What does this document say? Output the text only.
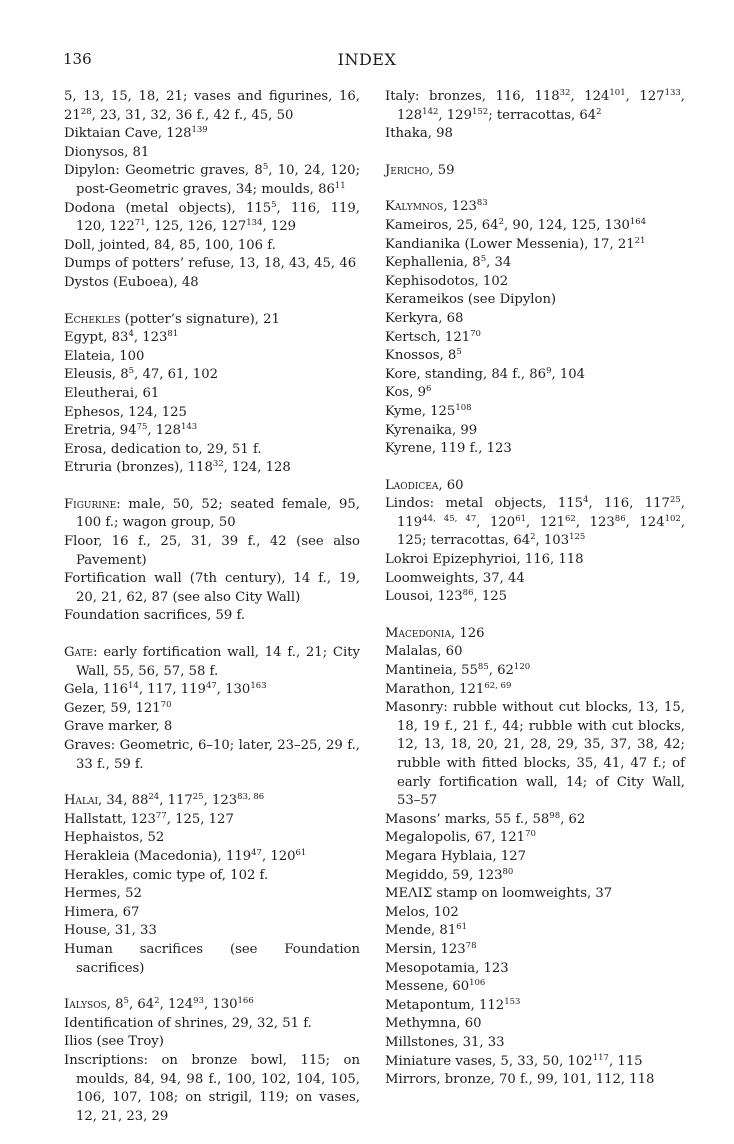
136	INDEX
5, 13, 15, 18, 21; vases and figurines, 16, $21^{28}$, 23, 31, 32, 36 f., 42 f., 45, 50
Diktaian Cave, $128^{139}$
Dionysos, 81
Dipylon: Geometric graves, $8^5$, 10, 24, 120; post-Geometric graves, 34; moulds, $86^{11}$
Dodona (metal objects), $115^5$, 116, 119, 120, $122^{71}$, 125, 126, $127^{134}$, 129
Doll, jointed, 84, 85, 100, 106 f.
Dumps of potters’ refuse, 13, 18, 43, 45, 46
Dystos (Euboea), 48
Echekles (potter’s signature), 21
Egypt, $83^4$, $123^{81}$
Elateia, 100
Eleusis, $8^5$, 47, 61, 102
Eleutherai, 61
Ephesos, 124, 125
Eretria, $94^{75}$, $128^{143}$
Erosa, dedication to, 29, 51 f.
Etruria (bronzes), $118^{32}$, 124, 128
Figurine: male, 50, 52; seated female, 95, 100 f.; wagon group, 50
Floor, 16 f., 25, 31, 39 f., 42 (see also Pavement)
Fortification wall (7th century), 14 f., 19, 20, 21, 62, 87 (see also City Wall)
Foundation sacrifices, 59 f.
Gate: early fortification wall, 14 f., 21; City Wall, 55, 56, 57, 58 f.
Gela, $116^{14}$, 117, $119^{47}$, $130^{163}$
Gezer, 59, $121^{70}$
Grave marker, 8
Graves: Geometric, 6–10; later, 23–25, 29 f., 33 f., 59 f.
Halai, 34, $88^{24}$, $117^{25}$, 123$^{83, 86}$
Hallstatt, $123^{77}$, 125, 127
Hephaistos, 52
Herakleia (Macedonia), $119^{47}$, $120^{61}$
Herakles, comic type of, 102 f.
Hermes, 52
Himera, 67
House, 31, 33
Human sacrifices (see Foundation sacrifices)
Ialysos, $8^5$, $64^2$, $124^{93}$, $130^{166}$
Identification of shrines, 29, 32, 51 f.
Ilios (see Troy)
Inscriptions: on bronze bowl, 115; on moulds, 84, 94, 98 f., 100, 102, 104, 105, 106, 107, 108; on strigil, 119; on vases, 12, 21, 23, 29
Italy: bronzes, 116, $118^{32}$, $124^{101}$, $127^{133}$, $128^{142}$, $129^{152}$; terracottas, $64^2$
Ithaka, 98
Jericho, 59
Kalymnos, $123^{83}$
Kameiros, 25, $64^2$, 90, 124, 125, $130^{164}$
Kandianika (Lower Messenia), 17, $21^{21}$
Kephallenia, $8^5$, 34
Kephisodotos, 102
Kerameikos (see Dipylon)
Kerkyra, 68
Kertsch, $121^{70}$
Knossos, $8^5$
Kore, standing, 84 f., $86^9$, 104
Kos, $9^6$
Kyme, $125^{108}$
Kyrenaika, 99
Kyrene, 119 f., 123
Laodicea, 60
Lindos: metal objects, $115^4$, 116, $117^{25}$, 119$^{44, 45, 47}$, $120^{61}$, $121^{62}$, $123^{86}$, $124^{102}$, 125; terracottas, $64^2$, $103^{125}$
Lokroi Epizephyrioi, 116, 118
Loomweights, 37, 44
Lousoi, $123^{86}$, 125
Macedonia, 126
Malalas, 60
Mantineia, $55^{85}$, $62^{120}$
Marathon, 121$^{62, 69}$
Masonry: rubble without cut blocks, 13, 15, 18, 19 f., 21 f., 44; rubble with cut blocks, 12, 13, 18, 20, 21, 28, 29, 35, 37, 38, 42; rubble with fitted blocks, 35, 41, 47 f.; of early fortification wall, 14; of City Wall, 53–57
Masons’ marks, 55 f., $58^{98}$, 62
Megalopolis, 67, $121^{70}$
Megara Hyblaia, 127
Megiddo, 59, $123^{80}$
ΜΕΛΙΣ stamp on loomweights, 37
Melos, 102
Mende, $81^{61}$
Mersin, $123^{78}$
Mesopotamia, 123
Messene, $60^{106}$
Metapontum, $112^{153}$
Methymna, 60
Millstones, 31, 33
Miniature vases, 5, 33, 50, $102^{117}$, 115
Mirrors, bronze, 70 f., 99, 101, 112, 118
